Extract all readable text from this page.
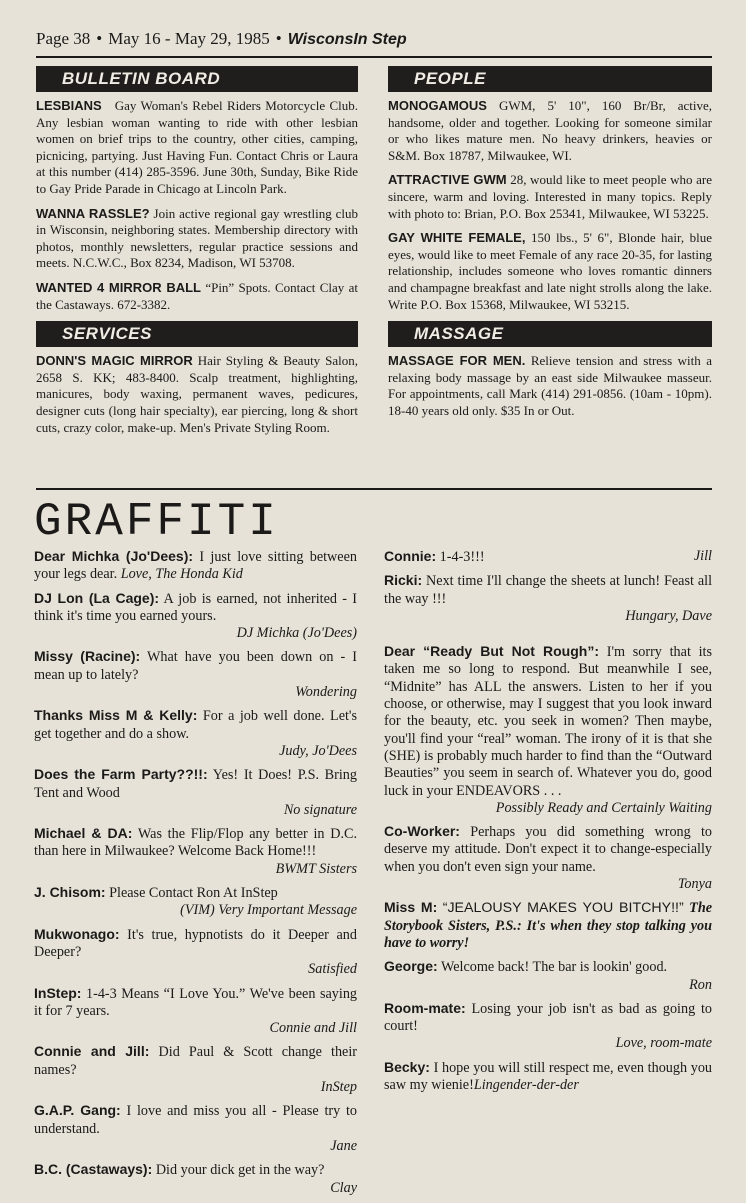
Page 38 • May 16 - May 29, 1985 • WisconsIn Step
BULLETIN BOARD

LESBIANS Gay Woman's Rebel Riders Motorcycle Club. Any lesbian woman wanting to ride with other lesbian women on brief trips to the country, other cities, camping, picnicing, partying. Just Having Fun. Contact Chris or Laura at this number (414) 285-3596. June 30th, Sunday, Bike Ride to Gay Pride Parade in Chicago at Lincoln Park.

WANNA RASSLE? Join active regional gay wrestling club in Wisconsin, neighboring states. Membership directory with photos, monthly newsletters, regular practice sessions and meets. N.C.W.C., Box 8234, Madison, WI 53708.

WANTED 4 MIRROR BALL “Pin” Spots. Contact Clay at the Castaways. 672-3382.

SERVICES

DONN'S MAGIC MIRROR Hair Styling & Beauty Salon, 2658 S. KK; 483-8400. Scalp treatment, highlighting, manicures, body waxing, permanent waves, pedicures, designer cuts (long hair specialty), ear piercing, long & short cuts, crazy color, make-up. Men's Private Styling Room.

PEOPLE

MONOGAMOUS GWM, 5' 10", 160 Br/Br, active, handsome, older and together. Looking for someone similar or who likes mature men. No heavy drinkers, heavies or S&M. Box 18787, Milwaukee, WI.

ATTRACTIVE GWM 28, would like to meet people who are sincere, warm and loving. Interested in many topics. Reply with photo to: Brian, P.O. Box 25341, Milwaukee, WI 53225.

GAY WHITE FEMALE, 150 lbs., 5' 6", Blonde hair, blue eyes, would like to meet Female of any race 20-35, for lasting relationship, includes someone who loves romantic dinners and champagne breakfast and late night strolls along the lake. Write P.O. Box 15368, Milwaukee, WI 53215.

MASSAGE

MASSAGE FOR MEN. Relieve tension and stress with a relaxing body massage by an east side Milwaukee masseur. For appointments, call Mark (414) 291-0856. (10am - 10pm). 18-40 years old only. $35 In or Out.

GRAFFITI
Dear Michka (Jo'Dees): I just love sitting between your legs dear. Love, The Honda Kid
DJ Lon (La Cage): A job is earned, not inherited - I think it's time you earned yours.
DJ Michka (Jo'Dees)
Missy (Racine): What have you been down on - I mean up to lately?
Wondering
Thanks Miss M & Kelly: For a job well done. Let's get together and do a show.
Judy, Jo'Dees
Does the Farm Party??!!: Yes! It Does! P.S. Bring Tent and Wood
No signature
Michael & DA: Was the Flip/Flop any better in D.C. than here in Milwaukee? Welcome Back Home!!!
BWMT Sisters
J. Chisom: Please Contact Ron At InStep
(VIM) Very Important Message
Mukwonago: It's true, hypnotists do it Deeper and Deeper?
Satisfied
InStep: 1-4-3 Means “I Love You.” We've been saying it for 7 years.
Connie and Jill
Connie and Jill: Did Paul & Scott change their names?
InStep
G.A.P. Gang: I love and miss you all - Please try to understand.
Jane
B.C. (Castaways): Did your dick get in the way?
Clay
Connie: 1-4-3!!!	Jill
Ricki: Next time I'll change the sheets at lunch! Feast all the way !!!
Hungary, Dave
Dear “Ready But Not Rough”: I'm sorry that its taken me so long to respond. But meanwhile I see, “Midnite” has ALL the answers. Listen to her if you choose, or otherwise, may I suggest that you look inward for the beauty, etc. you seek in women? Then maybe, you'll find your “real” woman. The irony of it is that she (SHE) is probably much harder to find than the “Outward Beauties” you seem in search of. Whatever you do, good luck in your ENDEAVORS . . .
Possibly Ready and Certainly Waiting
Co-Worker: Perhaps you did something wrong to deserve my attitude. Don't expect it to change-especially when you don't even sign your name.
Tonya
Miss M: “JEALOUSY MAKES YOU BITCHY!!” The Storybook Sisters, P.S.: It's when they stop talking you have to worry!
George: Welcome back! The bar is lookin' good.
Ron
Room-mate: Losing your job isn't as bad as going to court!
Love, room-mate
Becky: I hope you will still respect me, even though you saw my wienie!Lingender-der-der
